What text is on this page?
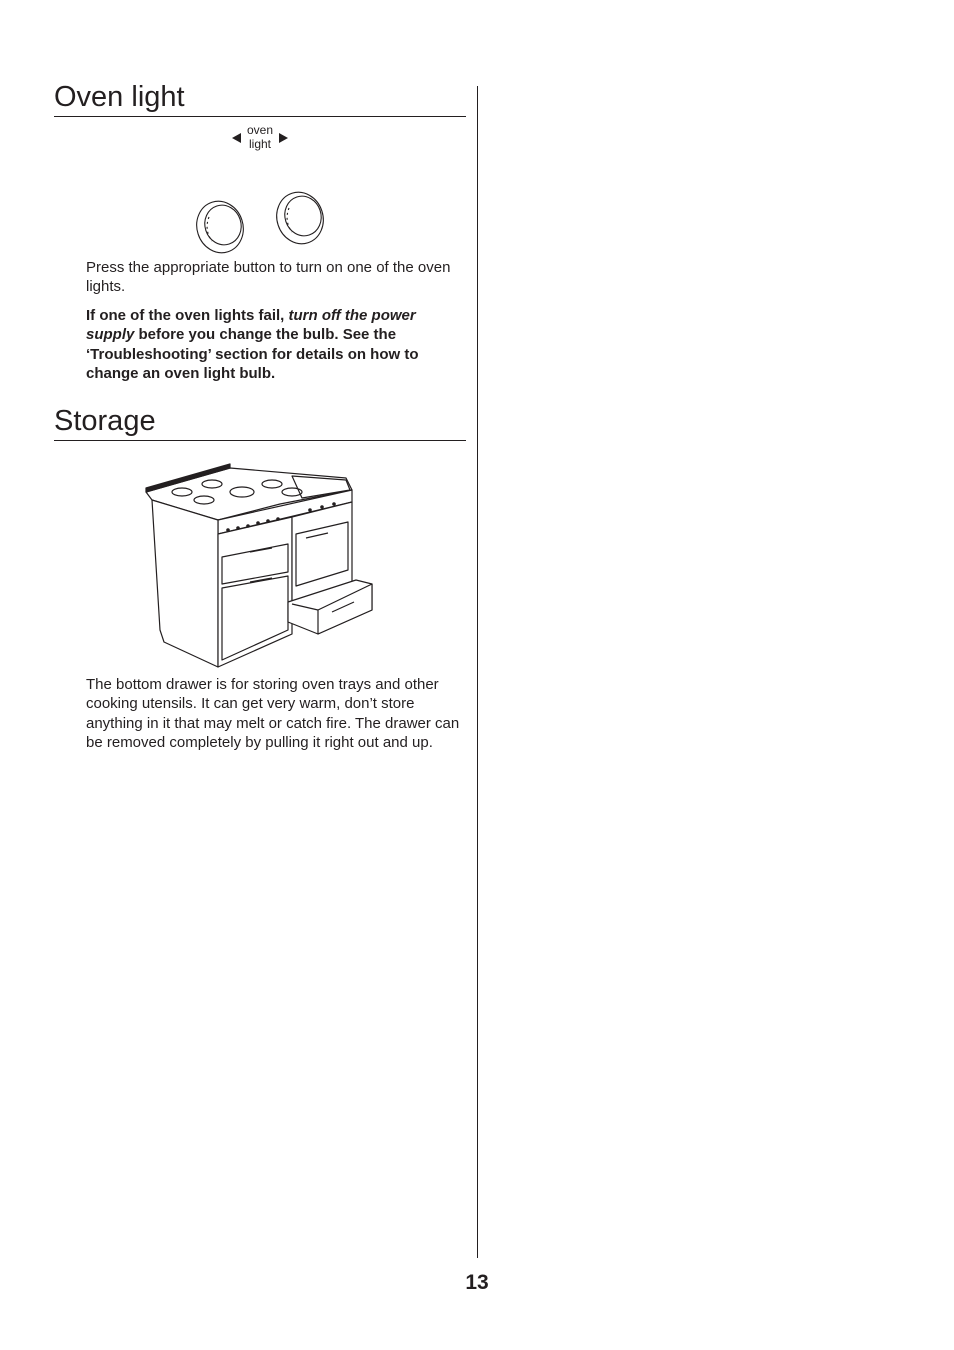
Oven light
oven
light

Press the appropriate button to turn on one of the oven lights.

If one of the oven lights fail, turn off the power supply before you change the bulb. See the ‘Troubleshooting’ section for details on how to change an oven light bulb.

Storage

The bottom drawer is for storing oven trays and other cooking utensils. It can get very warm, don’t store anything in it that may melt or catch fire. The drawer can be removed completely by pulling it right out and up.

13
